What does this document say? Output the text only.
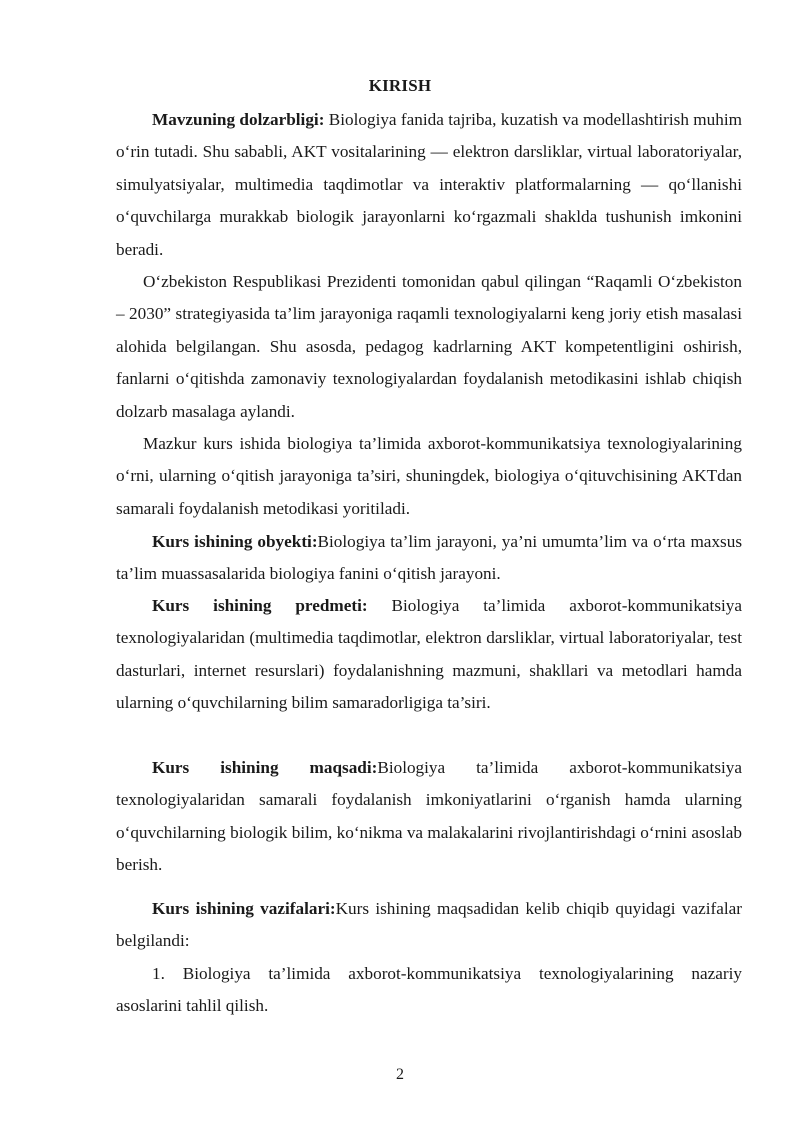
KIRISH

Mavzuning dolzarbligi: Biologiya fanida tajriba, kuzatish va modellashtirish muhim o‘rin tutadi. Shu sababli, AKT vositalarining — elektron darsliklar, virtual laboratoriyalar, simulyatsiyalar, multimedia taqdimotlar va interaktiv platformalarning — qo‘llanishi o‘quvchilarga murakkab biologik jarayonlarni ko‘rgazmali shaklda tushunish imkonini beradi.

O‘zbekiston Respublikasi Prezidenti tomonidan qabul qilingan “Raqamli O‘zbekiston – 2030” strategiyasida ta’lim jarayoniga raqamli texnologiyalarni keng joriy etish masalasi alohida belgilangan. Shu asosda, pedagog kadrlarning AKT kompetentligini oshirish, fanlarni o‘qitishda zamonaviy texnologiyalardan foydalanish metodikasini ishlab chiqish dolzarb masalaga aylandi.

Mazkur kurs ishida biologiya ta’limida axborot-kommunikatsiya texnologiyalarining o‘rni, ularning o‘qitish jarayoniga ta’siri, shuningdek, biologiya o‘qituvchisining AKTdan samarali foydalanish metodikasi yoritiladi.

Kurs ishining obyekti:Biologiya ta’lim jarayoni, ya’ni umumta’lim va o‘rta maxsus ta’lim muassasalarida biologiya fanini o‘qitish jarayoni.

Kurs ishining predmeti: Biologiya ta’limida axborot-kommunikatsiya texnologiyalaridan (multimedia taqdimotlar, elektron darsliklar, virtual laboratoriyalar, test dasturlari, internet resurslari) foydalanishning mazmuni, shakllari va metodlari hamda ularning o‘quvchilarning bilim samaradorligiga ta’siri.

Kurs ishining maqsadi:Biologiya ta’limida axborot-kommunikatsiya texnologiyalaridan samarali foydalanish imkoniyatlarini o‘rganish hamda ularning o‘quvchilarning biologik bilim, ko‘nikma va malakalarini rivojlantirishdagi o‘rnini asoslab berish.

Kurs ishining vazifalari:Kurs ishining maqsadidan kelib chiqib quyidagi vazifalar belgilandi:

1. Biologiya ta’limida axborot-kommunikatsiya texnologiyalarining nazariy asoslarini tahlil qilish.

2
